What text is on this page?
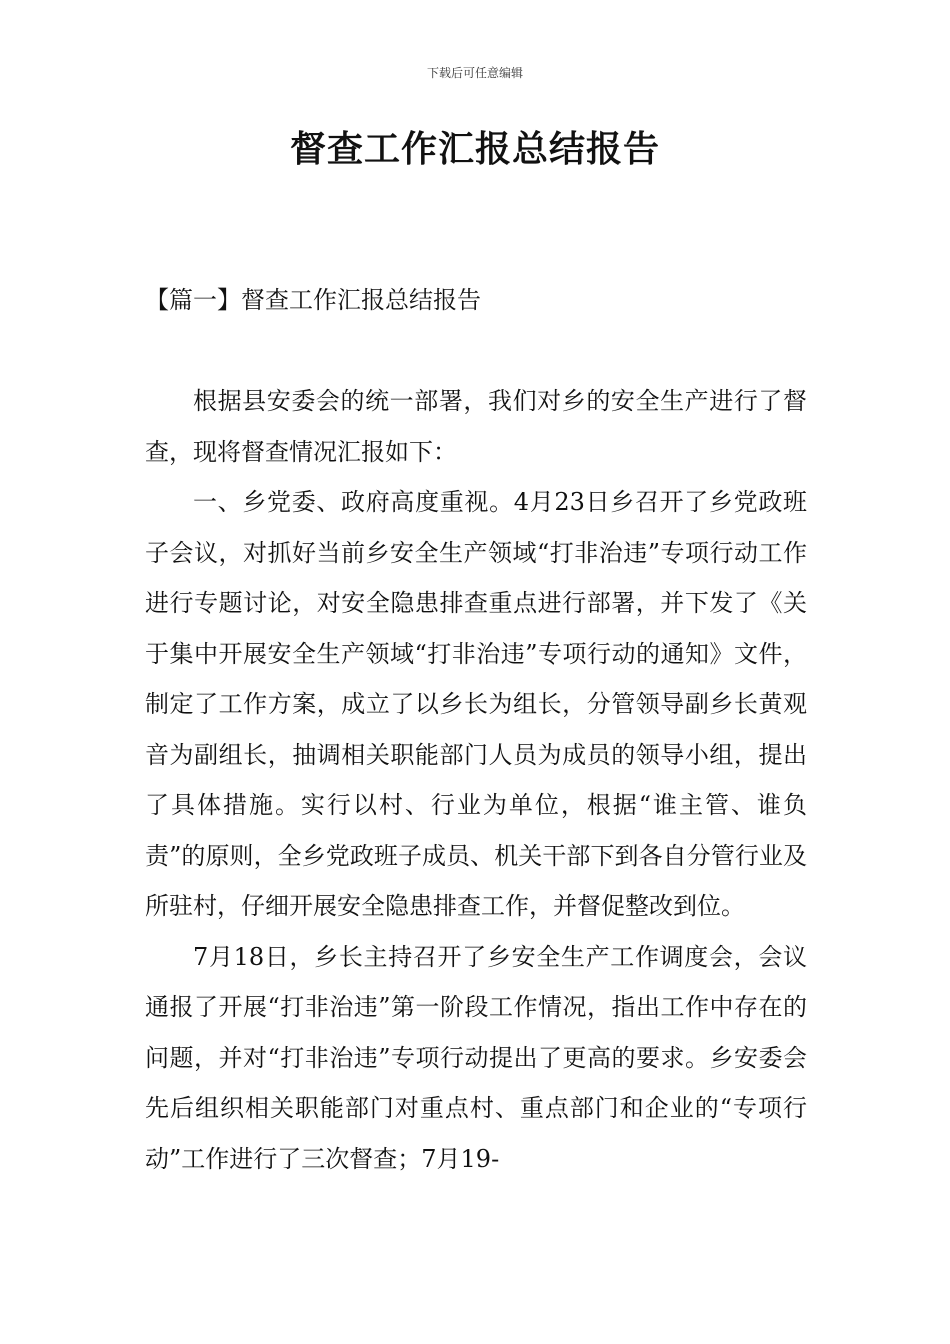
下载后可任意编辑
督查工作汇报总结报告
【篇一】督查工作汇报总结报告

根据县安委会的统一部署，我们对乡的安全生产进行了督查，现将督查情况汇报如下：

一、乡党委、政府高度重视。4月23日乡召开了乡党政班子会议，对抓好当前乡安全生产领域“打非治违”专项行动工作进行专题讨论，对安全隐患排查重点进行部署，并下发了《关于集中开展安全生产领域“打非治违”专项行动的通知》文件，制定了工作方案，成立了以乡长为组长，分管领导副乡长黄观音为副组长，抽调相关职能部门人员为成员的领导小组，提出了具体措施。实行以村、行业为单位，根据“谁主管、谁负责”的原则，全乡党政班子成员、机关干部下到各自分管行业及所驻村，仔细开展安全隐患排查工作，并督促整改到位。

7月18日，乡长主持召开了乡安全生产工作调度会，会议通报了开展“打非治违”第一阶段工作情况，指出工作中存在的问题，并对“打非治违”专项行动提出了更高的要求。乡安委会先后组织相关职能部门对重点村、重点部门和企业的“专项行动”工作进行了三次督查；7月19-
